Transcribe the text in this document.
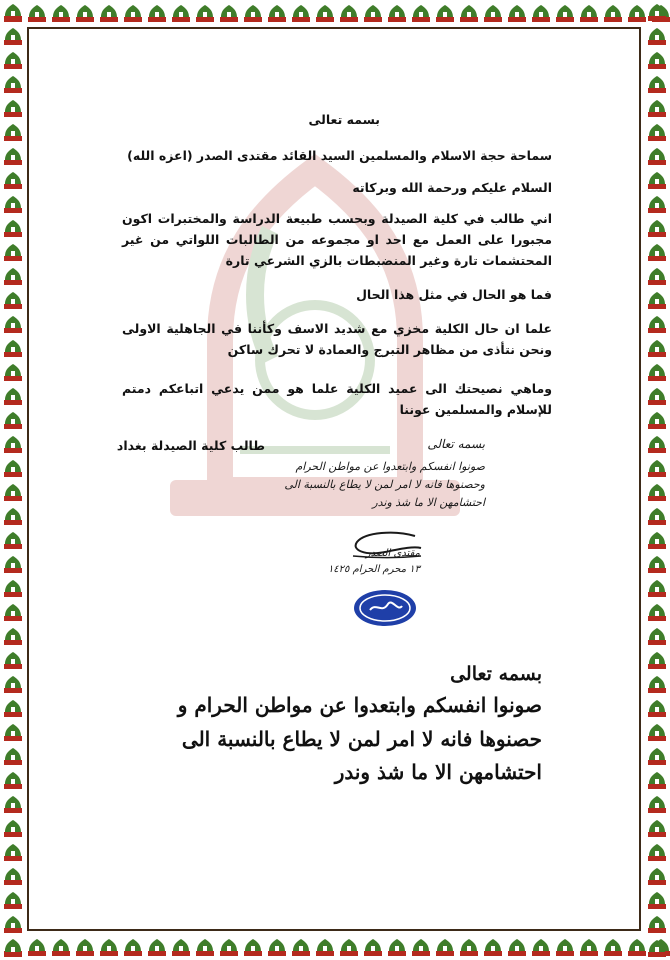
بسمه تعالى
سماحة حجة الاسلام والمسلمين السيد القائد مقتدى الصدر (اعزه الله)
السلام عليكم ورحمة الله وبركاته
اني طالب في كلية الصيدلة وبحسب طبيعة الدراسة والمختبرات اكون مجبورا على العمل مع احد او مجموعه من الطالبات اللواتي من غير المحتشمات تارة وغير المنضبطات بالزي الشرعي تارة
فما هو الحال في مثل هذا الحال
علما ان حال الكلية مخزي مع شديد الاسف وكأننا في الجاهلية الاولى ونحن نتأذى من مظاهر التبرج والعمادة لا تحرك ساكن
وماهي نصيحتك الى عميد الكلية علما هو ممن يدعي اتباعكم دمتم للإسلام والمسلمين عوننا
طالب كلية الصيدلة بغداد	بسمه تعالى
صونوا انفسكم وابتعدوا عن مواطن الحرام
وحصنوها فانه لا امر لمن لا يطاع بالنسبة الى
احتشامهن الا ما شذ وندر
مقتدى الصدر
١٣ محرم الحرام ١٤٢٥
بسمه تعالى
صونوا انفسكم وابتعدوا عن مواطن الحرام و
حصنوها فانه لا امر لمن لا يطاع بالنسبة الى
احتشامهن الا ما شذ وندر
